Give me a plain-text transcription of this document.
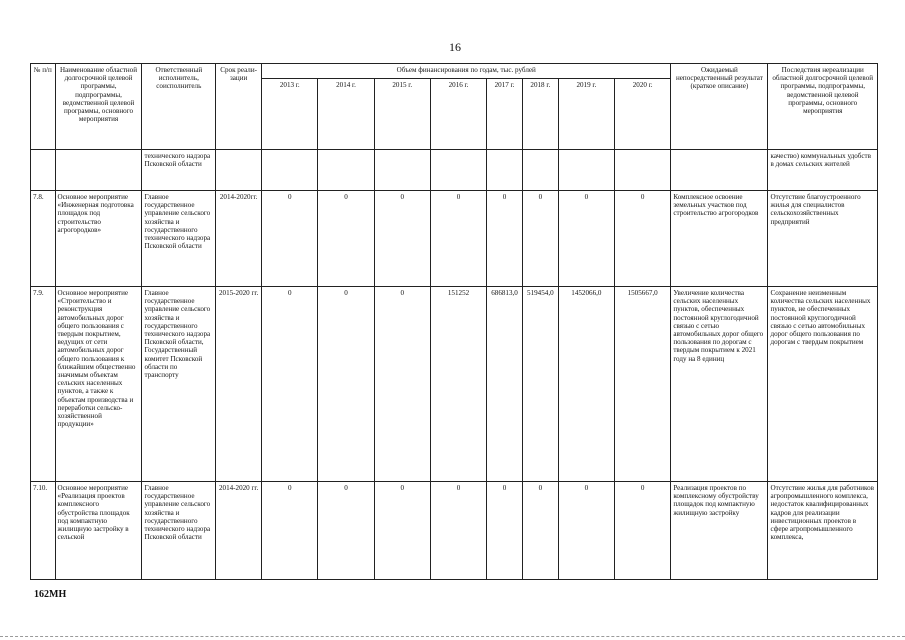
16
№ п/п	Наименование областной долгосрочной целевой программы, подпрограммы, ведомственной целевой программы, основного мероприятия	Ответственный исполнитель, соисполнитель	Срок реали-зации	Объем финансирования по годам, тыс. рублей								Ожидаемый непосредственный результат (краткое описание)	Последствия нереализации областной долгосрочной целевой программы, подпрограммы, ведомственной целевой программы, основного мероприятия
				2013 г.	2014 г.	2015 г.	2016 г.	2017 г.	2018 г.	2019 г.	2020 г.		
		технического надзора Псковской области											качество) коммунальных удобств в домах сельских жителей
7.8.	Основное мероприятие «Инженерная подготовка площадок под строительство агрогородков»	Главное государственное управление сельского хозяйства и государственного технического надзора Псковской области	2014-2020гг.	0	0	0	0	0	0	0	0	Комплексное освоение земельных участков под строительство агрогородков	Отсутствие благоустроенного жилья для специалистов сельскохозяйственных предприятий
7.9.	Основное мероприятие «Строительство и реконструкция автомобильных дорог общего пользования с твердым покрытием, ведущих от сети автомобильных дорог общего пользования к ближайшим общественно значимым объектам сельских населенных пунктов, а также к объектам производства и переработки сельско-хозяйственной продукции»	Главное государственное управление сельского хозяйства и государственного технического надзора Псковской области, Государственный комитет Псковской области по транспорту	2015-2020 гг.	0	0	0	151252	686813,0	519454,0	1452066,0	1505667,0	Увеличение количества сельских населенных пунктов, обеспеченных постоянной круглогодичной связью с сетью автомобильных дорог общего пользования по дорогам с твердым покрытием к 2021 году на 8 единиц	Сохранение неизменным количества сельских населенных пунктов, не обеспеченных постоянной круглогодичной связью с сетью автомобильных дорог общего пользования по дорогам с твердым покрытием
7.10.	Основное мероприятие «Реализация проектов комплексного обустройства площадок под компактную жилищную застройку в сельской	Главное государственное управление сельского хозяйства и государственного технического надзора Псковской области	2014-2020 гг.	0	0	0	0	0	0	0	0	Реализация проектов по комплексному обустройству площадок под компактную жилищную застройку	Отсутствие жилья для работников агропромышленного комплекса, недостаток квалифицированных кадров для реализации инвестиционных проектов в сфере агропромышленного комплекса,
162МН
